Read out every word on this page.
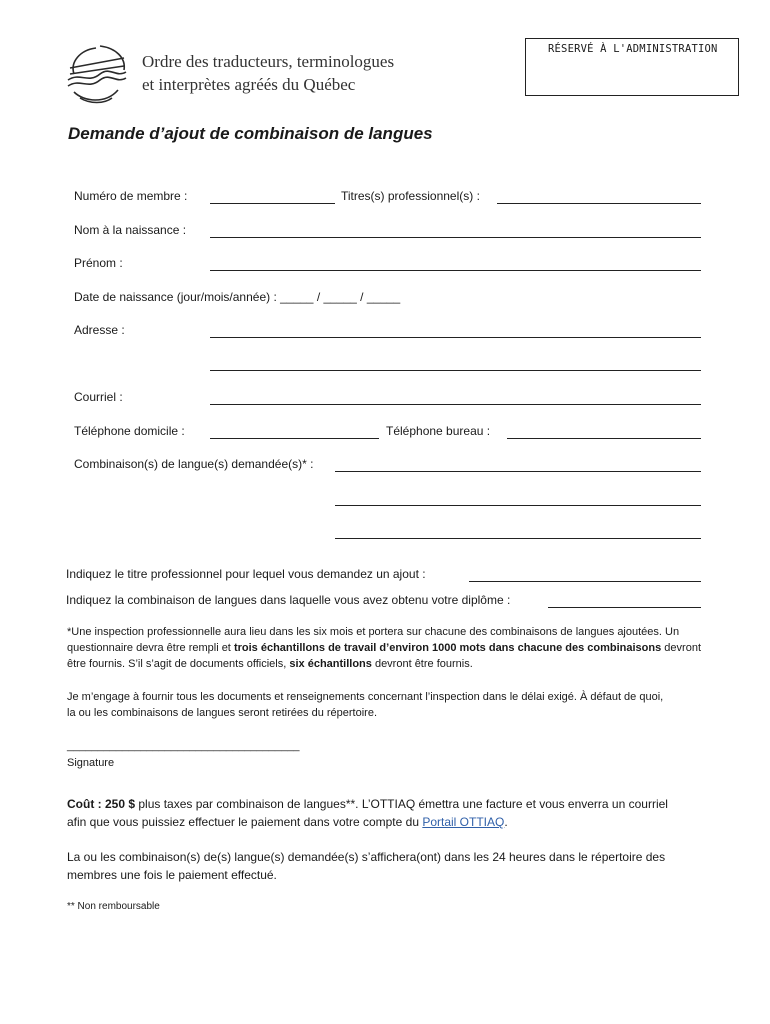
Ordre des traducteurs, terminologues
et interprètes agréés du Québec
RÉSERVÉ À L'ADMINISTRATION
Demande d’ajout de combinaison de langues
Numéro de membre :	Titres(s) professionnel(s) :
Nom à la naissance :
Prénom :
Date de naissance (jour/mois/année) : _____ / _____ / _____
Adresse :
Courriel :
Téléphone domicile :	Téléphone bureau :
Combinaison(s) de langue(s) demandée(s)* :
Indiquez le titre professionnel pour lequel vous demandez un ajout :
Indiquez la combinaison de langues dans laquelle vous avez obtenu votre diplôme :
*Une inspection professionnelle aura lieu dans les six mois et portera sur chacune des combinaisons de langues ajoutées. Un
questionnaire devra être rempli et trois échantillons de travail d’environ 1000 mots dans chacune des combinaisons devront
être fournis. S’il s’agit de documents officiels, six échantillons devront être fournis.
Je m’engage à fournir tous les documents et renseignements concernant l’inspection dans le délai exigé. À défaut de quoi,
la ou les combinaisons de langues seront retirées du répertoire.
______________________________________
Signature
Coût : 250 $ plus taxes par combinaison de langues**. L’OTTIAQ émettra une facture et vous enverra un courriel
afin que vous puissiez effectuer le paiement dans votre compte du Portail OTTIAQ.
La ou les combinaison(s) de(s) langue(s) demandée(s) s’affichera(ont) dans les 24 heures dans le répertoire des
membres une fois le paiement effectué.
** Non remboursable
